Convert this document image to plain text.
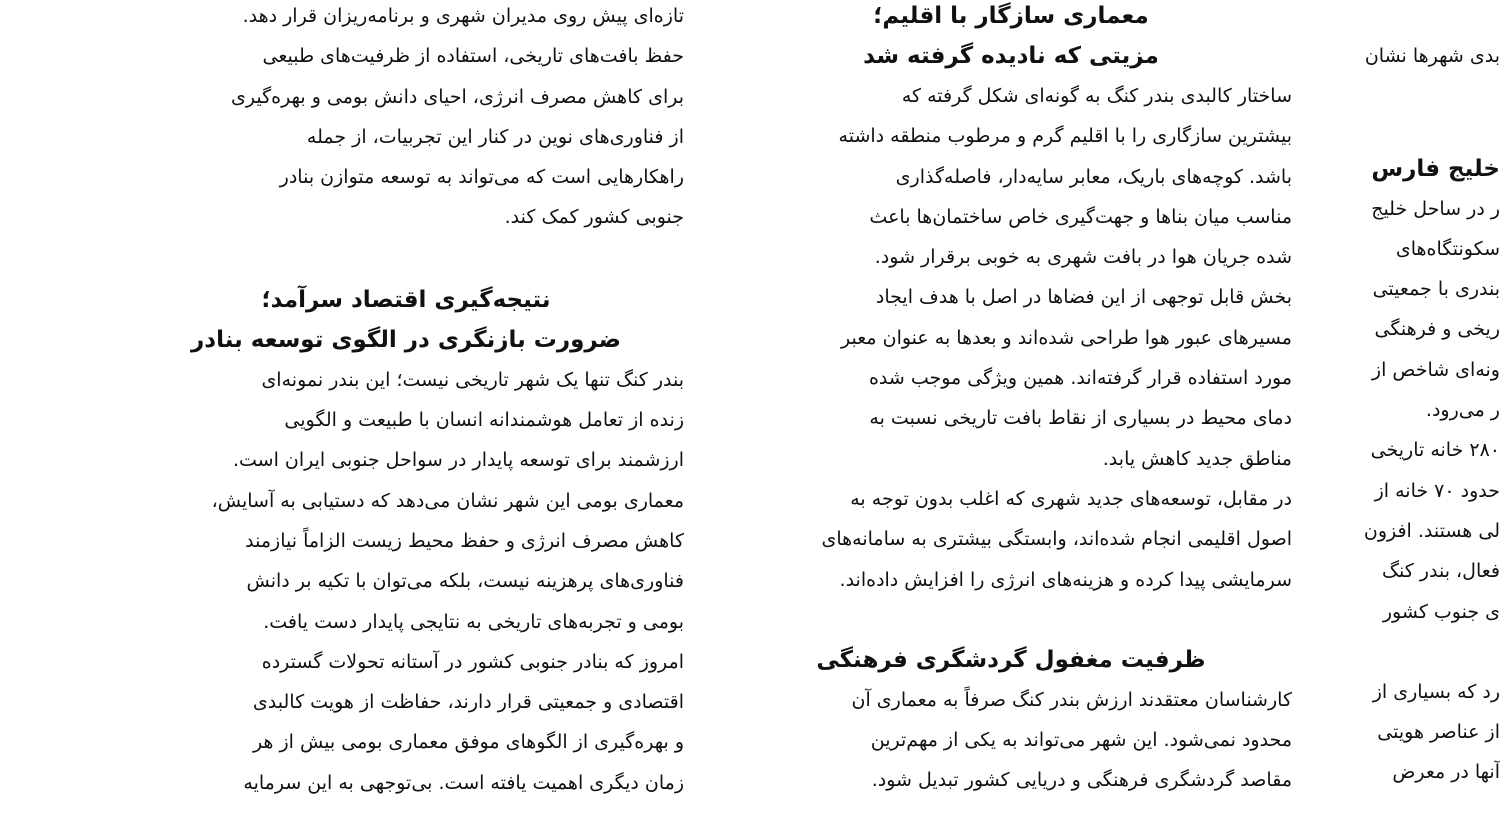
تازه‌ای پیش روی مدیران شهری و برنامه‌ریزان قرار دهد.
حفظ بافت‌های تاریخی، استفاده از ظرفیت‌های طبیعی
برای کاهش مصرف انرژی، احیای دانش بومی و بهره‌گیری
از فناوری‌های نوین در کنار این تجربیات، از جمله
راهکارهایی است که می‌تواند به توسعه متوازن بنادر
جنوبی کشور کمک کند.
نتیجه‌گیری اقتصاد سرآمد؛
ضرورت بازنگری در الگوی توسعه بنادر
بندر کنگ تنها یک شهر تاریخی نیست؛ این بندر نمونه‌ای
زنده از تعامل هوشمندانه انسان با طبیعت و الگویی
ارزشمند برای توسعه پایدار در سواحل جنوبی ایران است.
معماری بومی این شهر نشان می‌دهد که دستیابی به آسایش،
کاهش مصرف انرژی و حفظ محیط زیست الزاماً نیازمند
فناوری‌های پرهزینه نیست، بلکه می‌توان با تکیه بر دانش
بومی و تجربه‌های تاریخی به نتایجی پایدار دست یافت.
امروز که بنادر جنوبی کشور در آستانه تحولات گسترده
اقتصادی و جمعیتی قرار دارند، حفاظت از هویت کالبدی
و بهره‌گیری از الگوهای موفق معماری بومی بیش از هر
زمان دیگری اهمیت یافته است. بی‌توجهی به این سرمایه
معماری سازگار با اقلیم؛
مزیتی که نادیده گرفته شد
ساختار کالبدی بندر کنگ به گونه‌ای شکل گرفته که
بیشترین سازگاری را با اقلیم گرم و مرطوب منطقه داشته
باشد. کوچه‌های باریک، معابر سایه‌دار، فاصله‌گذاری
مناسب میان بناها و جهت‌گیری خاص ساختمان‌ها باعث
شده جریان هوا در بافت شهری به خوبی برقرار شود.
بخش قابل توجهی از این فضاها در اصل با هدف ایجاد
مسیرهای عبور هوا طراحی شده‌اند و بعدها به عنوان معبر
مورد استفاده قرار گرفته‌اند. همین ویژگی موجب شده
دمای محیط در بسیاری از نقاط بافت تاریخی نسبت به
مناطق جدید کاهش یابد.
در مقابل، توسعه‌های جدید شهری که اغلب بدون توجه به
اصول اقلیمی انجام شده‌اند، وابستگی بیشتری به سامانه‌های
سرمایشی پیدا کرده و هزینه‌های انرژی را افزایش داده‌اند.
ظرفیت مغفول گردشگری فرهنگی
کارشناسان معتقدند ارزش بندر کنگ صرفاً به معماری آن
محدود نمی‌شود. این شهر می‌تواند به یکی از مهم‌ترین
مقاصد گردشگری فرهنگی و دریایی کشور تبدیل شود.
بدی شهرها نشان
خلیج فارس
ر در ساحل خلیج
سکونتگاه‌های
بندری با جمعیتی
ریخی و فرهنگی
ونه‌ای شاخص از
ر می‌رود.
۲۸۰ خانه تاریخی
حدود ۷۰ خانه از
لی هستند. افزون
فعال، بندر کنگ
ی جنوب کشور
رد که بسیاری از
از عناصر هویتی
آنها در معرض
